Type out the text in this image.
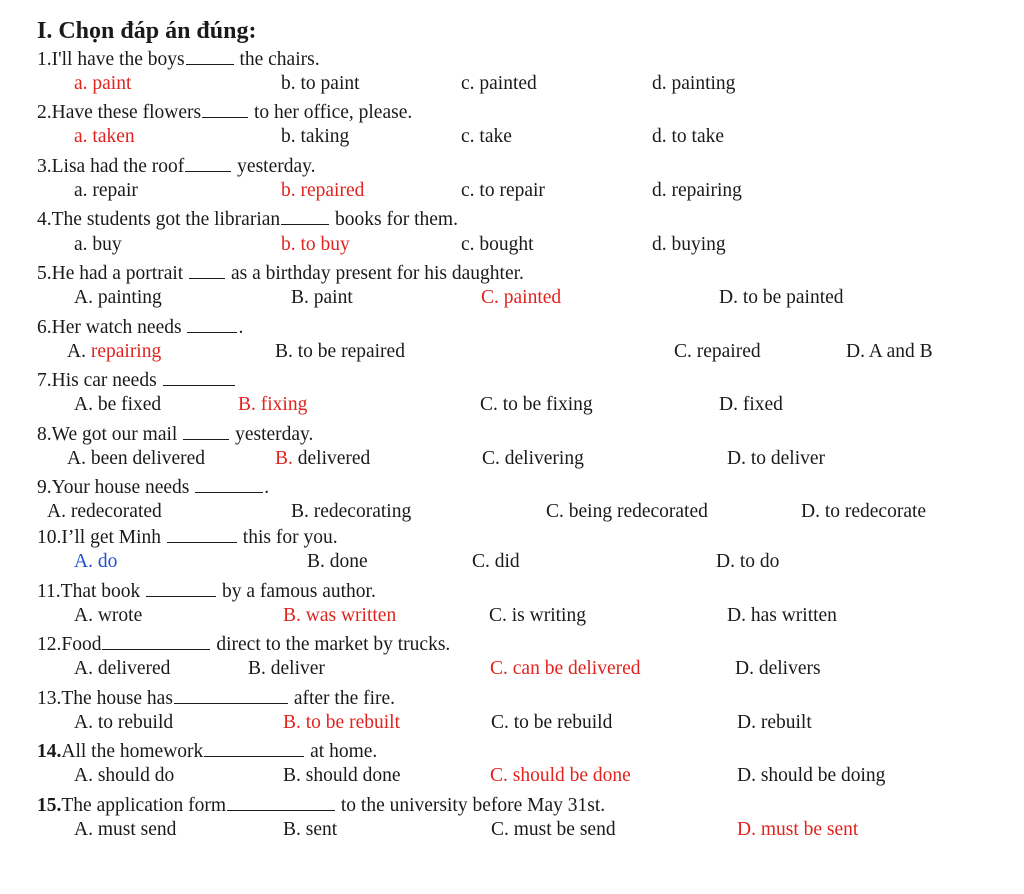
I. Chọn đáp án đúng:
1.I'll have the boys	the chairs.
a. paint	b. to paint	c. painted	d. painting
2.Have these flowers to her office, please.
a. taken	b. taking	c. take	d. to take
3.Lisa had the roof yesterday.
a. repair	b. repaired	c. to repair	d. repairing
4.The students got the librarian	books for them.
a. buy	b. to buy	c. bought	d. buying
5.He had a portrait  as a birthday present for his daughter.
A. painting	B. paint	C. painted	D. to be painted
6.Her watch needs	.
A. repairing	B. to be repaired	C. repaired	D. A and B
7.His car needs
A. be fixed	B. fixing	C. to be fixing	D. fixed
8.We got our mail  yesterday.
A. been delivered	B. delivered	C. delivering	D. to deliver
9.Your house needs	.
A. redecorated	B. redecorating	C. being redecorated	D. to redecorate
10.I’ll get Minh	this for you.
A. do	B. done	C. did	D. to do
11.That book	by a famous author.
A. wrote	B. was written	C. is writing	D. has written
12.Food	direct to the market by trucks.
A. delivered	B. deliver	C. can be delivered	D. delivers
13.The house has	after the fire.
A. to rebuild	B. to be rebuilt	C. to be rebuild	D. rebuilt
14.All the homework	at home.
A. should do	B. should done	C. should be done	D. should be doing
15.The application form	to the university before May 31st.
A. must send	B. sent	C. must be send	D. must be sent
